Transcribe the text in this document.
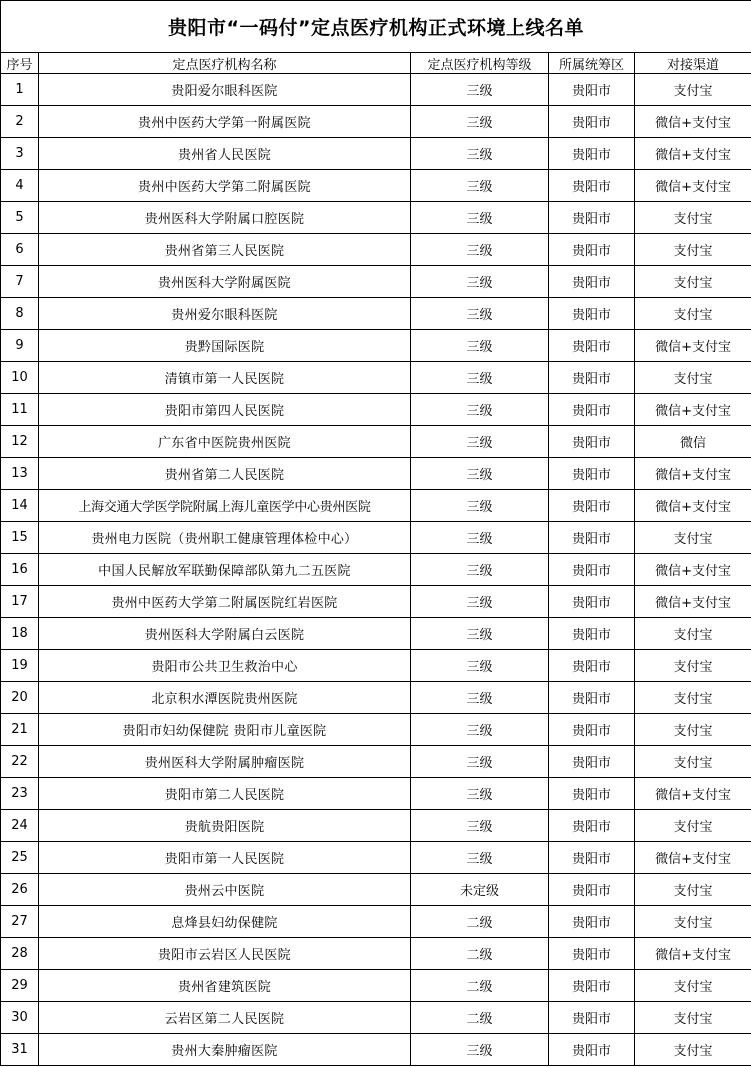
贵阳市“一码付”定点医疗机构正式环境上线名单				
序号	定点医疗机构名称	定点医疗机构等级	所属统筹区	对接渠道
1	贵阳爱尔眼科医院	三级	贵阳市	支付宝
2	贵州中医药大学第一附属医院	三级	贵阳市	微信+支付宝
3	贵州省人民医院	三级	贵阳市	微信+支付宝
4	贵州中医药大学第二附属医院	三级	贵阳市	微信+支付宝
5	贵州医科大学附属口腔医院	三级	贵阳市	支付宝
6	贵州省第三人民医院	三级	贵阳市	支付宝
7	贵州医科大学附属医院	三级	贵阳市	支付宝
8	贵州爱尔眼科医院	三级	贵阳市	支付宝
9	贵黔国际医院	三级	贵阳市	微信+支付宝
10	清镇市第一人民医院	三级	贵阳市	支付宝
11	贵阳市第四人民医院	三级	贵阳市	微信+支付宝
12	广东省中医院贵州医院	三级	贵阳市	微信
13	贵州省第二人民医院	三级	贵阳市	微信+支付宝
14	上海交通大学医学院附属上海儿童医学中心贵州医院	三级	贵阳市	微信+支付宝
15	贵州电力医院（贵州职工健康管理体检中心）	三级	贵阳市	支付宝
16	中国人民解放军联勤保障部队第九二五医院	三级	贵阳市	微信+支付宝
17	贵州中医药大学第二附属医院红岩医院	三级	贵阳市	微信+支付宝
18	贵州医科大学附属白云医院	三级	贵阳市	支付宝
19	贵阳市公共卫生救治中心	三级	贵阳市	支付宝
20	北京积水潭医院贵州医院	三级	贵阳市	支付宝
21	贵阳市妇幼保健院 贵阳市儿童医院	三级	贵阳市	支付宝
22	贵州医科大学附属肿瘤医院	三级	贵阳市	支付宝
23	贵阳市第二人民医院	三级	贵阳市	微信+支付宝
24	贵航贵阳医院	三级	贵阳市	支付宝
25	贵阳市第一人民医院	三级	贵阳市	微信+支付宝
26	贵州云中医院	未定级	贵阳市	支付宝
27	息烽县妇幼保健院	二级	贵阳市	支付宝
28	贵阳市云岩区人民医院	二级	贵阳市	微信+支付宝
29	贵州省建筑医院	二级	贵阳市	支付宝
30	云岩区第二人民医院	二级	贵阳市	支付宝
31	贵州大秦肿瘤医院	三级	贵阳市	支付宝
